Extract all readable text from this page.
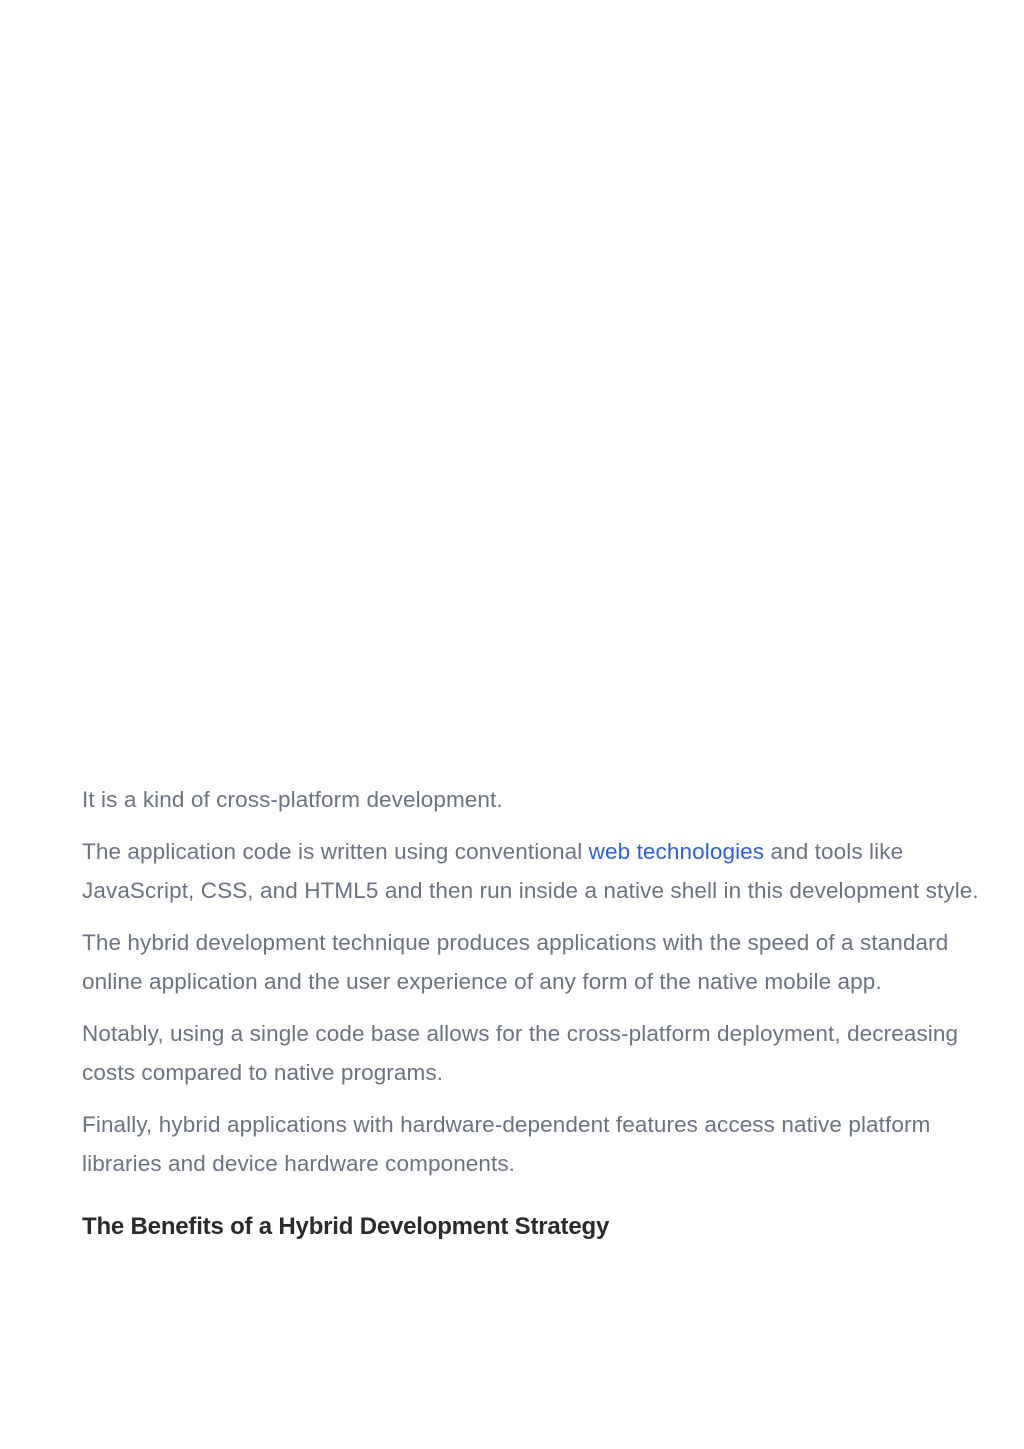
It is a kind of cross-platform development.

The application code is written using conventional web technologies and tools like JavaScript, CSS, and HTML5 and then run inside a native shell in this development style.

The hybrid development technique produces applications with the speed of a standard online application and the user experience of any form of the native mobile app.

Notably, using a single code base allows for the cross-platform deployment, decreasing costs compared to native programs.

Finally, hybrid applications with hardware-dependent features access native platform libraries and device hardware components.

The Benefits of a Hybrid Development Strategy
